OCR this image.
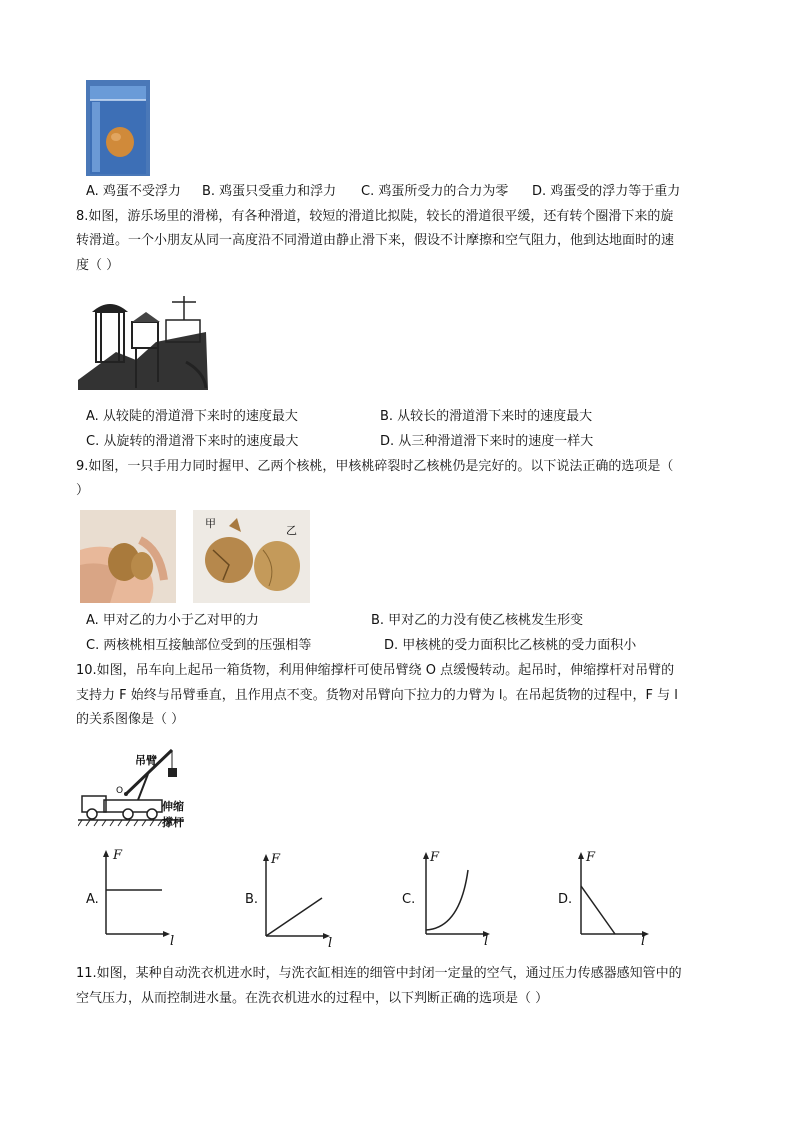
A. 鸡蛋不受浮力 B. 鸡蛋只受重力和浮力 C. 鸡蛋所受力的合力为零 D. 鸡蛋受的浮力等于重力
8.如图，游乐场里的滑梯，有各种滑道，较短的滑道比拟陡，较长的滑道很平缓，还有转个圈滑下来的旋
转滑道。一个小朋友从同一高度沿不同滑道由静止滑下来，假设不计摩擦和空气阻力，他到达地面时的速
度（ ）
A. 从较陡的滑道滑下来时的速度最大	B. 从较长的滑道滑下来时的速度最大
C. 从旋转的滑道滑下来时的速度最大	D. 从三种滑道滑下来时的速度一样大
9.如图，一只手用力同时握甲、乙两个核桃，甲核桃碎裂时乙核桃仍是完好的。以下说法正确的选项是（
）
甲
乙
A. 甲对乙的力小于乙对甲的力	B. 甲对乙的力没有使乙核桃发生形变
C. 两核桃相互接触部位受到的压强相等	D. 甲核桃的受力面积比乙核桃的受力面积小
10.如图，吊车向上起吊一箱货物，利用伸缩撑杆可使吊臂绕 O 点缓慢转动。起吊时，伸缩撑杆对吊臂的
支持力 F 始终与吊臂垂直，且作用点不变。货物对吊臂向下拉力的力臂为 l。在吊起货物的过程中，F 与 l
的关系图像是（ ）
吊臂
伸缩撑杆
O
A.
F
l
B.
F
l
C.
F
l
D.
F
l
11.如图，某种自动洗衣机进水时，与洗衣缸相连的细管中封闭一定量的空气，通过压力传感器感知管中的
空气压力，从而控制进水量。在洗衣机进水的过程中，以下判断正确的选项是（ ）
